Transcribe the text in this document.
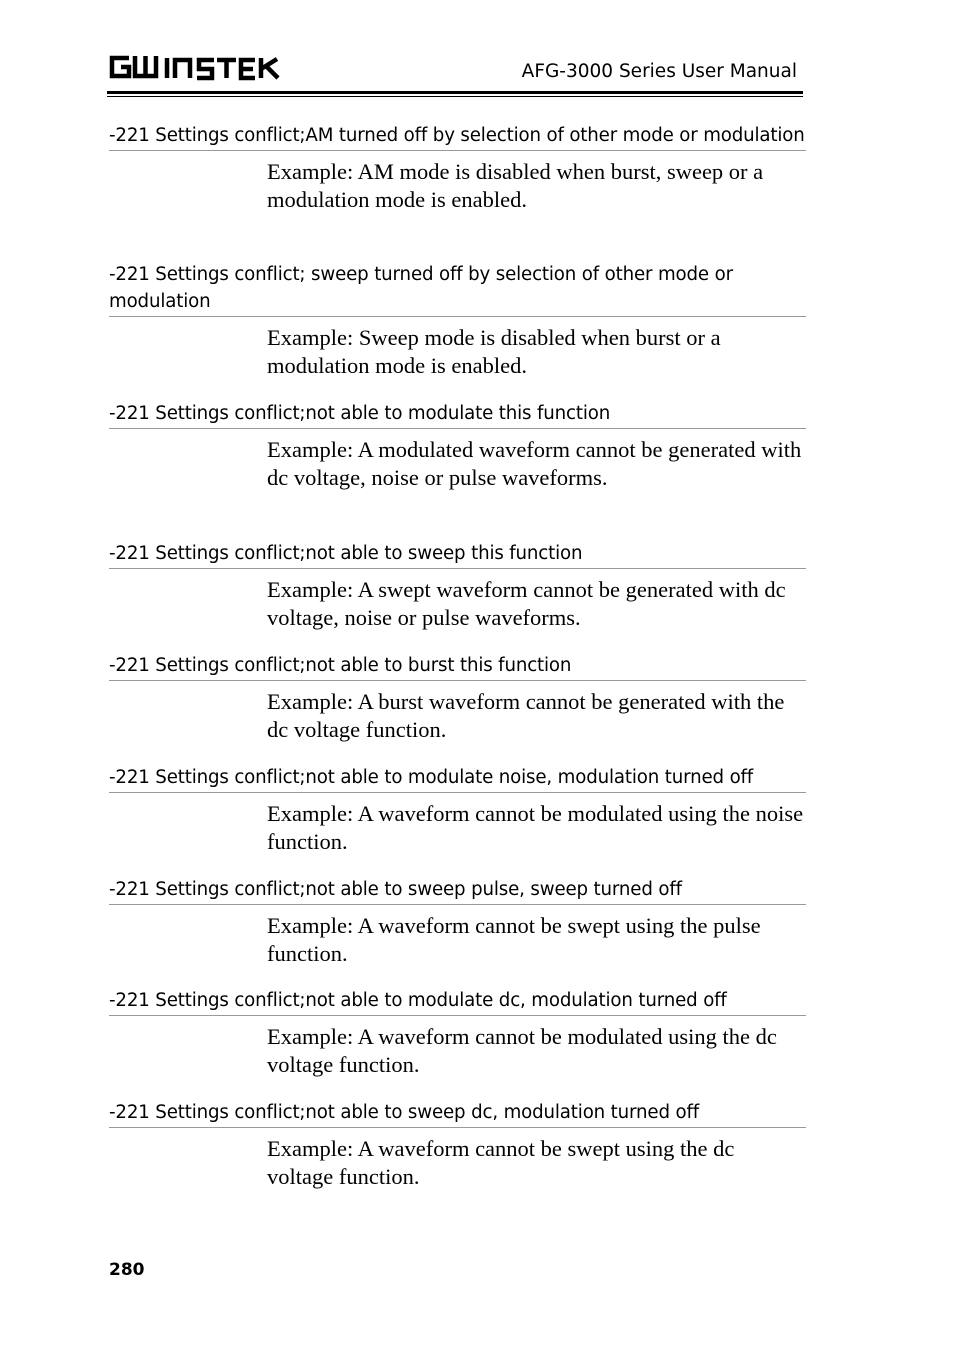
AFG-3000 Series User Manual
-221 Settings conflict;AM turned off by selection of other mode or modulation
Example: AM mode is disabled when burst, sweep or a modulation mode is enabled.
-221 Settings conflict; sweep turned off by selection of other mode or modulation
Example: Sweep mode is disabled when burst or a modulation mode is enabled.
-221 Settings conflict;not able to modulate this function
Example: A modulated waveform cannot be generated with dc voltage, noise or pulse waveforms.
-221 Settings conflict;not able to sweep this function
Example: A swept waveform cannot be generated with dc voltage, noise or pulse waveforms.
-221 Settings conflict;not able to burst this function
Example: A burst waveform cannot be generated with the dc voltage function.
-221 Settings conflict;not able to modulate noise, modulation turned off
Example: A waveform cannot be modulated using the noise function.
-221 Settings conflict;not able to sweep pulse, sweep turned off
Example: A waveform cannot be swept using the pulse function.
-221 Settings conflict;not able to modulate dc, modulation turned off
Example: A waveform cannot be modulated using the dc voltage function.
-221 Settings conflict;not able to sweep dc, modulation turned off
Example: A waveform cannot be swept using the dc voltage function.
280
